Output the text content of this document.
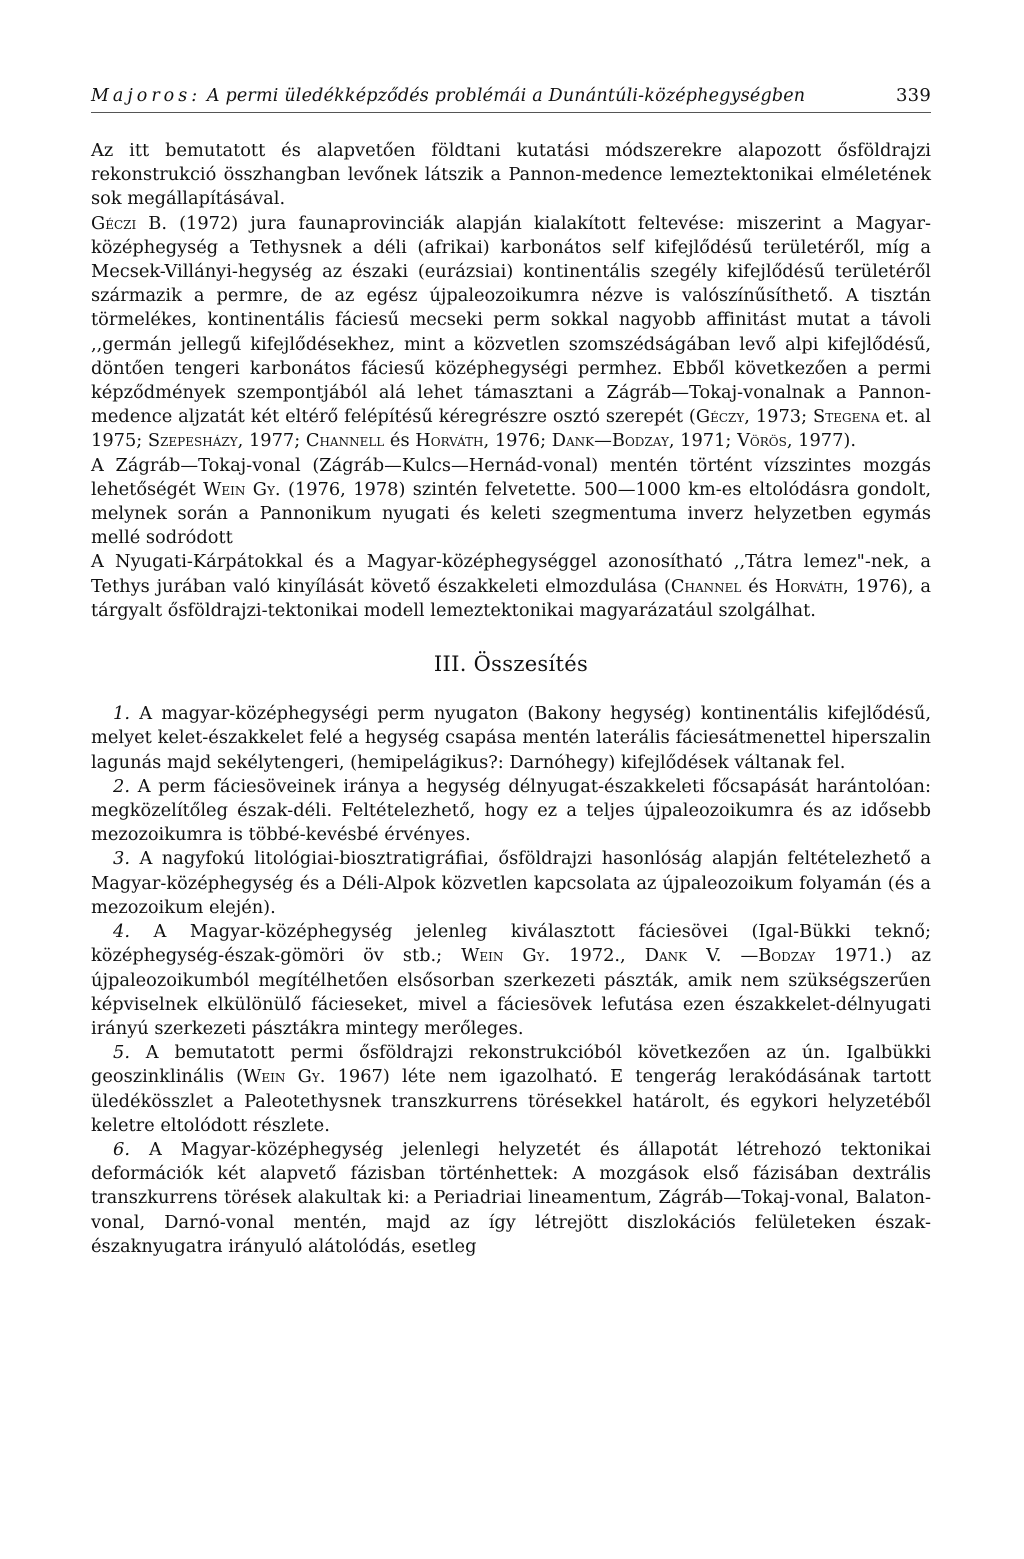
Majoros: A permi üledékképződés problémái a Dunántúli-középhegységben	339

Az itt bemutatott és alapvetően földtani kutatási módszerekre alapozott ősföldrajzi rekonstrukció összhangban levőnek látszik a Pannon-medence lemeztektonikai elméletének sok megállapításával.

Géczi B. (1972) jura faunaprovinciák alapján kialakított feltevése: miszerint a Magyar-középhegység a Tethysnek a déli (afrikai) karbonátos self kifejlődésű területéről, míg a Mecsek-Villányi-hegység az északi (eurázsiai) kontinentális szegély kifejlődésű területéről származik a permre, de az egész újpaleozoikumra nézve is valószínűsíthető. A tisztán törmelékes, kontinentális fáciesű mecseki perm sokkal nagyobb affinitást mutat a távoli ,,germán jellegű kifejlődésekhez, mint a közvetlen szomszédságában levő alpi kifejlődésű, döntően tengeri karbonátos fáciesű középhegységi permhez. Ebből következően a permi képződmények szempontjából alá lehet támasztani a Zágráb—Tokaj-vonalnak a Pannon-medence aljzatát két eltérő felépítésű kéregrészre osztó szerepét (Géczy, 1973; Stegena et. al 1975; Szepesházy, 1977; Channell és Horváth, 1976; Dank—Bodzay, 1971; Vörös, 1977).

A Zágráb—Tokaj-vonal (Zágráb—Kulcs—Hernád-vonal) mentén történt vízszintes mozgás lehetőségét Wein Gy. (1976, 1978) szintén felvetette. 500—1000 km-es eltolódásra gondolt, melynek során a Pannonikum nyugati és keleti szegmentuma inverz helyzetben egymás mellé sodródott

A Nyugati-Kárpátokkal és a Magyar-középhegységgel azonosítható ,,Tátra lemez"-nek, a Tethys jurában való kinyílását követő északkeleti elmozdulása (Channel és Horváth, 1976), a tárgyalt ősföldrajzi-tektonikai modell lemeztektonikai magyarázatául szolgálhat.

III. Összesítés

1. A magyar-középhegységi perm nyugaton (Bakony hegység) kontinentális kifejlődésű, melyet kelet-északkelet felé a hegység csapása mentén laterális fáciesátmenettel hiperszalin lagunás majd sekélytengeri, (hemipelágikus?: Darnóhegy) kifejlődések váltanak fel.

2. A perm fáciesöveinek iránya a hegység délnyugat-északkeleti főcsapását harántolóan: megközelítőleg észak-déli. Feltételezhető, hogy ez a teljes újpaleozoikumra és az idősebb mezozoikumra is többé-kevésbé érvényes.

3. A nagyfokú litológiai-biosztratigráfiai, ősföldrajzi hasonlóság alapján feltételezhető a Magyar-középhegység és a Déli-Alpok közvetlen kapcsolata az újpaleozoikum folyamán (és a mezozoikum elején).

4. A Magyar-középhegység jelenleg kiválasztott fáciesövei (Igal-Bükki teknő; középhegység-észak-gömöri öv stb.; Wein Gy. 1972., Dank V. —Bodzay 1971.) az újpaleozoikumból megítélhetően elsősorban szerkezeti pászták, amik nem szükségszerűen képviselnek elkülönülő fácieseket, mivel a fáciesövek lefutása ezen északkelet-délnyugati irányú szerkezeti pásztákra mintegy merőleges.

5. A bemutatott permi ősföldrajzi rekonstrukcióból következően az ún. Igalbükki geoszinklinális (Wein Gy. 1967) léte nem igazolható. E tengerág lerakódásának tartott üledékösszlet a Paleotethysnek transzkurrens törésekkel határolt, és egykori helyzetéből keletre eltolódott részlete.

6. A Magyar-középhegység jelenlegi helyzetét és állapotát létrehozó tektonikai deformációk két alapvető fázisban történhettek: A mozgások első fázisában dextrális transzkurrens törések alakultak ki: a Periadriai lineamentum, Zágráb—Tokaj-vonal, Balaton-vonal, Darnó-vonal mentén, majd az így létrejött diszlokációs felületeken észak-északnyugatra irányuló alátolódás, esetleg
